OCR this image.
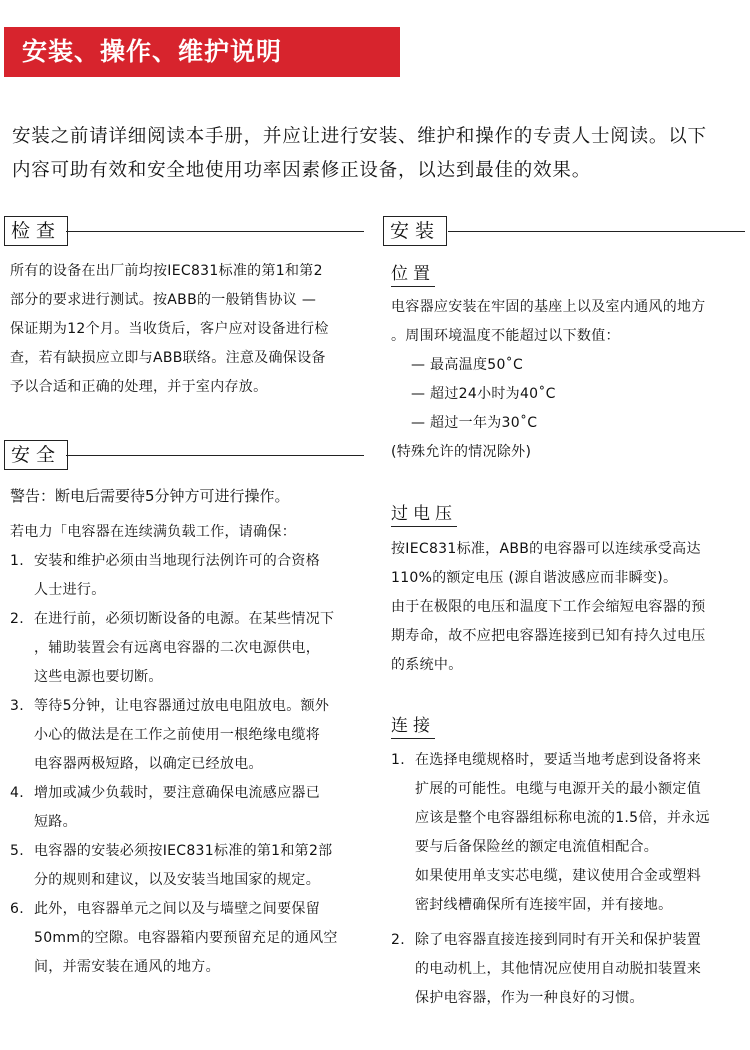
安装、操作、维护说明

安装之前请详细阅读本手册，并应让进行安装、维护和操作的专责人士阅读。以下

内容可助有效和安全地使用功率因素修正设备，以达到最佳的效果。

检查

所有的设备在出厂前均按IEC831标准的第1和第2

部分的要求进行测试。按ABB的一般销售协议 —

保证期为12个月。当收货后，客户应对设备进行检

查，若有缺损应立即与ABB联络。注意及确保设备

予以合适和正确的处理，并于室内存放。

安全
警告：断电后需要待5分钟方可进行操作。

若电力「电容器在连续满负载工作，请确保：

1. 安装和维护必须由当地现行法例许可的合资格

人士进行。

2. 在进行前，必须切断设备的电源。在某些情况下

，辅助装置会有远离电容器的二次电源供电，

这些电源也要切断。

3. 等待5分钟，让电容器通过放电电阻放电。额外

小心的做法是在工作之前使用一根绝缘电缆将

电容器两极短路，以确定已经放电。

4. 增加或减少负载时，要注意确保电流感应器已

短路。

5. 电容器的安装必须按IEC831标准的第1和第2部

分的规则和建议，以及安装当地国家的规定。

6. 此外，电容器单元之间以及与墙壁之间要保留

50mm的空隙。电容器箱内要预留充足的通风空

间，并需安装在通风的地方。

安装
位置

电容器应安装在牢固的基座上以及室内通风的地方

。周围环境温度不能超过以下数值：

— 最高温度50˚C

— 超过24小时为40˚C

— 超过一年为30˚C

(特殊允许的情况除外)

过电压

按IEC831标准，ABB的电容器可以连续承受高达

110%的额定电压 (源自谐波感应而非瞬变)。

由于在极限的电压和温度下工作会缩短电容器的预

期寿命，故不应把电容器连接到已知有持久过电压

的系统中。

连接

1. 在选择电缆规格时，要适当地考虑到设备将来

扩展的可能性。电缆与电源开关的最小额定值

应该是整个电容器组标称电流的1.5倍，并永远

要与后备保险丝的额定电流值相配合。

如果使用单支实芯电缆，建议使用合金或塑料

密封线槽确保所有连接牢固，并有接地。

2. 除了电容器直接连接到同时有开关和保护装置

的电动机上，其他情况应使用自动脱扣装置来

保护电容器，作为一种良好的习惯。
